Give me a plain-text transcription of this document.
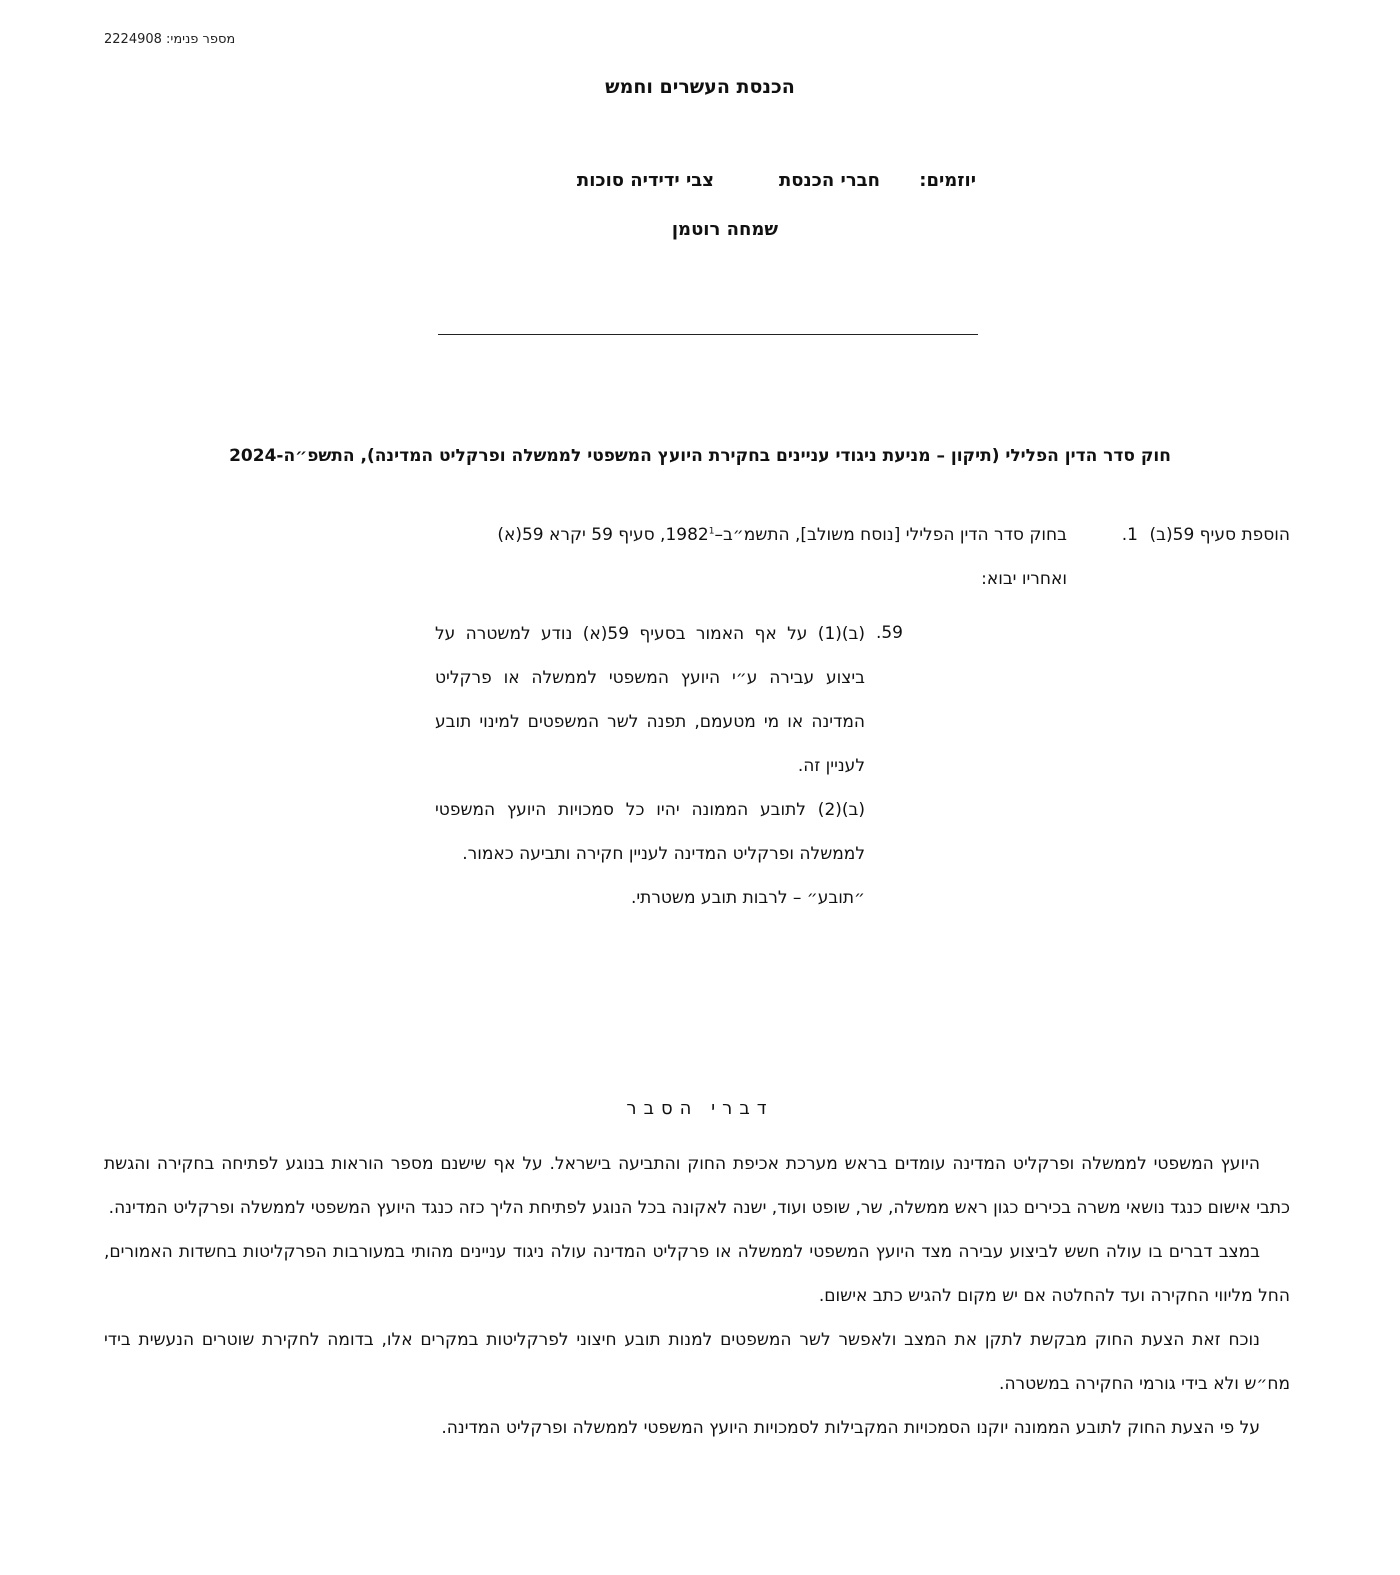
מספר פנימי: 2224908
הכנסת העשרים וחמש
יוזמים:
חברי הכנסת
צבי ידידיה סוכות
שמחה רוטמן
חוק סדר הדין הפלילי (תיקון – מניעת ניגודי עניינים בחקירת היועץ המשפטי לממשלה ופרקליט המדינה), התשפ״ה-2024
הוספת סעיף 59(ב)
1.
בחוק סדר הדין הפלילי [נוסח משולב], התשמ״ב–1982$^1$, סעיף 59 יקרא 59(א)
ואחריו יבוא:
59.

(ב)(1) על אף האמור בסעיף 59(א) נודע למשטרה על ביצוע עבירה ע״י היועץ המשפטי לממשלה או פרקליט המדינה או מי מטעמם, תפנה לשר המשפטים למינוי תובע לעניין זה.

(ב)(2) לתובע הממונה יהיו כל סמכויות היועץ המשפטי לממשלה ופרקליט המדינה לעניין חקירה ותביעה כאמור.

״תובע״ – לרבות תובע משטרתי.

דברי הסבר

היועץ המשפטי לממשלה ופרקליט המדינה עומדים בראש מערכת אכיפת החוק והתביעה בישראל. על אף שישנם מספר הוראות בנוגע לפתיחה בחקירה והגשת כתבי אישום כנגד נושאי משרה בכירים כגון ראש ממשלה, שר, שופט ועוד, ישנה לאקונה בכל הנוגע לפתיחת הליך כזה כנגד היועץ המשפטי לממשלה ופרקליט המדינה.

במצב דברים בו עולה חשש לביצוע עבירה מצד היועץ המשפטי לממשלה או פרקליט המדינה עולה ניגוד עניינים מהותי במעורבות הפרקליטות בחשדות האמורים, החל מליווי החקירה ועד להחלטה אם יש מקום להגיש כתב אישום.

נוכח זאת הצעת החוק מבקשת לתקן את המצב ולאפשר לשר המשפטים למנות תובע חיצוני לפרקליטות במקרים אלו, בדומה לחקירת שוטרים הנעשית בידי מח״ש ולא בידי גורמי החקירה במשטרה.

על פי הצעת החוק לתובע הממונה יוקנו הסמכויות המקבילות לסמכויות היועץ המשפטי לממשלה ופרקליט המדינה.
